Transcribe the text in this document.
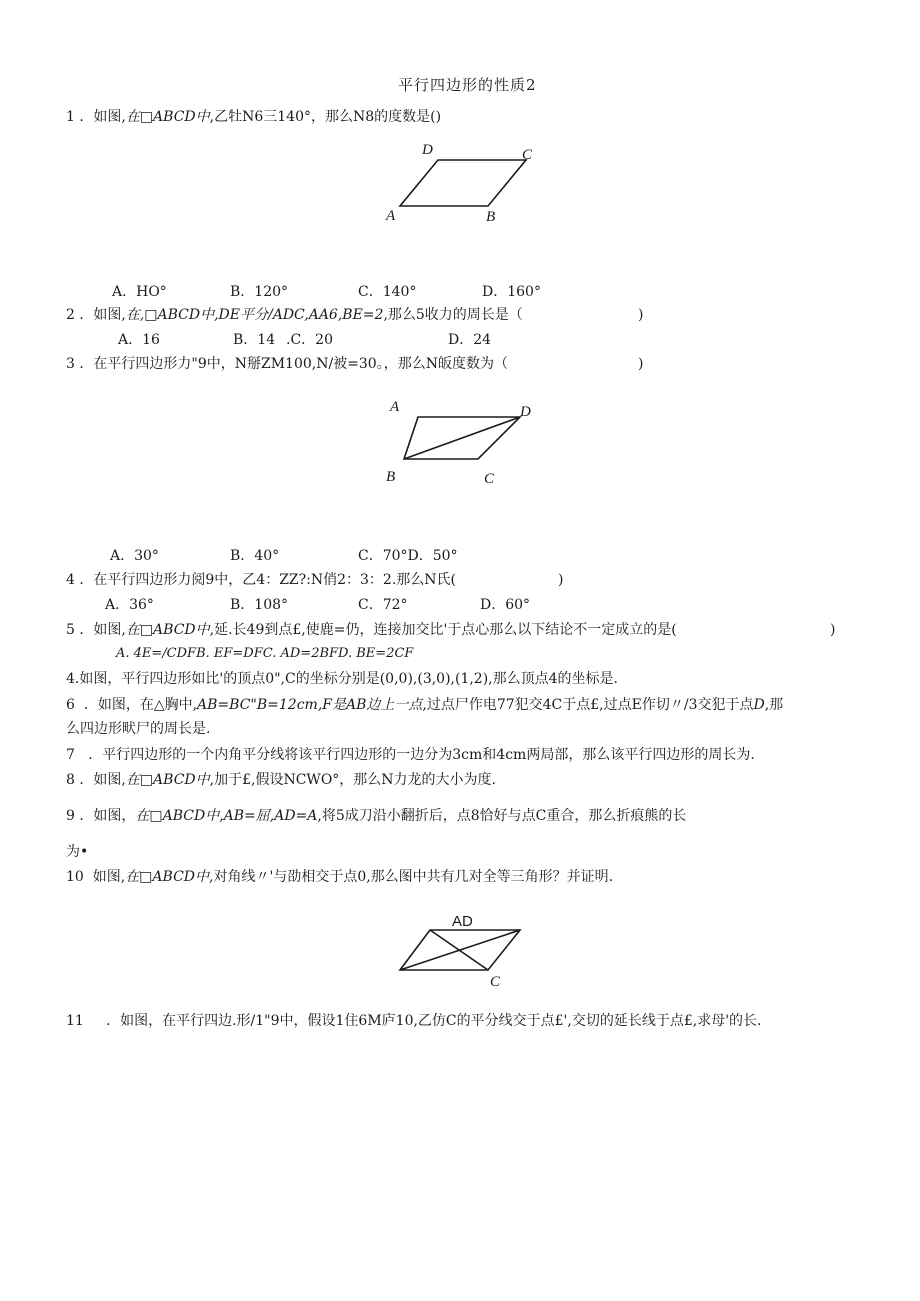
平行四边形的性质2
1 ．如图,在□ABCD中,乙牡N6三140°，那么N8的度数是()
D	C
A	B
A．HO°	B．120°	C．140°	D．160°
2 ．如图,在,□ABCD中,DE平分/ADC,AA6,BE=2,那么5收力的周长是（	)
A．16	B．14 .C．20	D．24
3 ．在平行四边形力"9中，N掰ZM100,N/被=30。，那么N皈度数为（	)
A	D
B	C
A．30°	B．40°	C．70°D．50°
4 ．在平行四边形力阅9中，乙4：ZZ?:N俏2：3：2.那么N氏(	)
A．36°	B．108°	C．72°	D．60°
5 ．如图,在□ABCD中,延.长49到点£,使鹿=仍，连接加交比'于点心那么以下结论不一定成立的是(	)
A. 4E=/CDFB. EF=DFC. AD=2BFD. BE=2CF
4.如图，平行四边形如比'的顶点0",C的坐标分别是(0,0),(3,0),(1,2),那么顶点4的坐标是.
6 ．如图，在△胸中,AB=BC"B=12cm,F是AB边上一点,过点尸作电77犯交4C于点£,过点E作切〃/3交犯于点D,那
么四边形畎尸的周长是.
7 ．平行四边形的一个内角平分线将该平行四边形的一边分为3cm和4cm两局部，那么该平行四边形的周长为.
8 ．如图,在□ABCD中,加于£,假设NCWO°，那么N力龙的大小为度.
9 ．如图，在□ABCD中,AB=屈,AD=A,将5成刀沿小翻折后，点8恰好与点C重合，那么折痕熊的长
为•
10 如图,在□ABCD中,对角线〃'与劭相交于点0,那么图中共有几对全等三角形？并证明.
AD
C
11 ．如图，在平行四边.形/1"9中，假设1住6M庐10,乙仿C的平分线交于点£',交切的延长线于点£,求母'的长.
